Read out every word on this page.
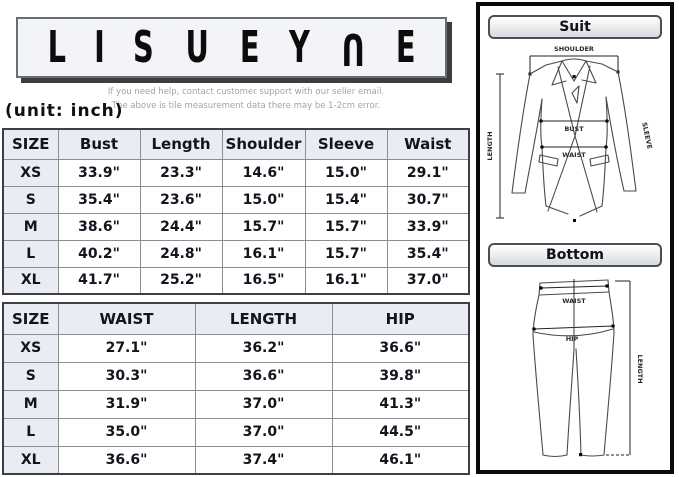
L I S U E Y U E
If you need help, contact customer support with our seller email.
The above is tile measurement data there may be 1-2cm error.
(unit: inch)
SIZE	Bust	Length	Shoulder	Sleeve	Waist
XS	33.9"	23.3"	14.6"	15.0"	29.1"
S	35.4"	23.6"	15.0"	15.4"	30.7"
M	38.6"	24.4"	15.7"	15.7"	33.9"
L	40.2"	24.8"	16.1"	15.7"	35.4"
XL	41.7"	25.2"	16.5"	16.1"	37.0"
SIZE	WAIST	LENGTH	HIP
XS	27.1"	36.2"	36.6"
S	30.3"	36.6"	39.8"
M	31.9"	37.0"	41.3"
L	35.0"	37.0"	44.5"
XL	36.6"	37.4"	46.1"
Suit
SHOULDER
LENGTH
BUST
WAIST
SLEEVE
Bottom
WAIST
HIP
LENGTH
